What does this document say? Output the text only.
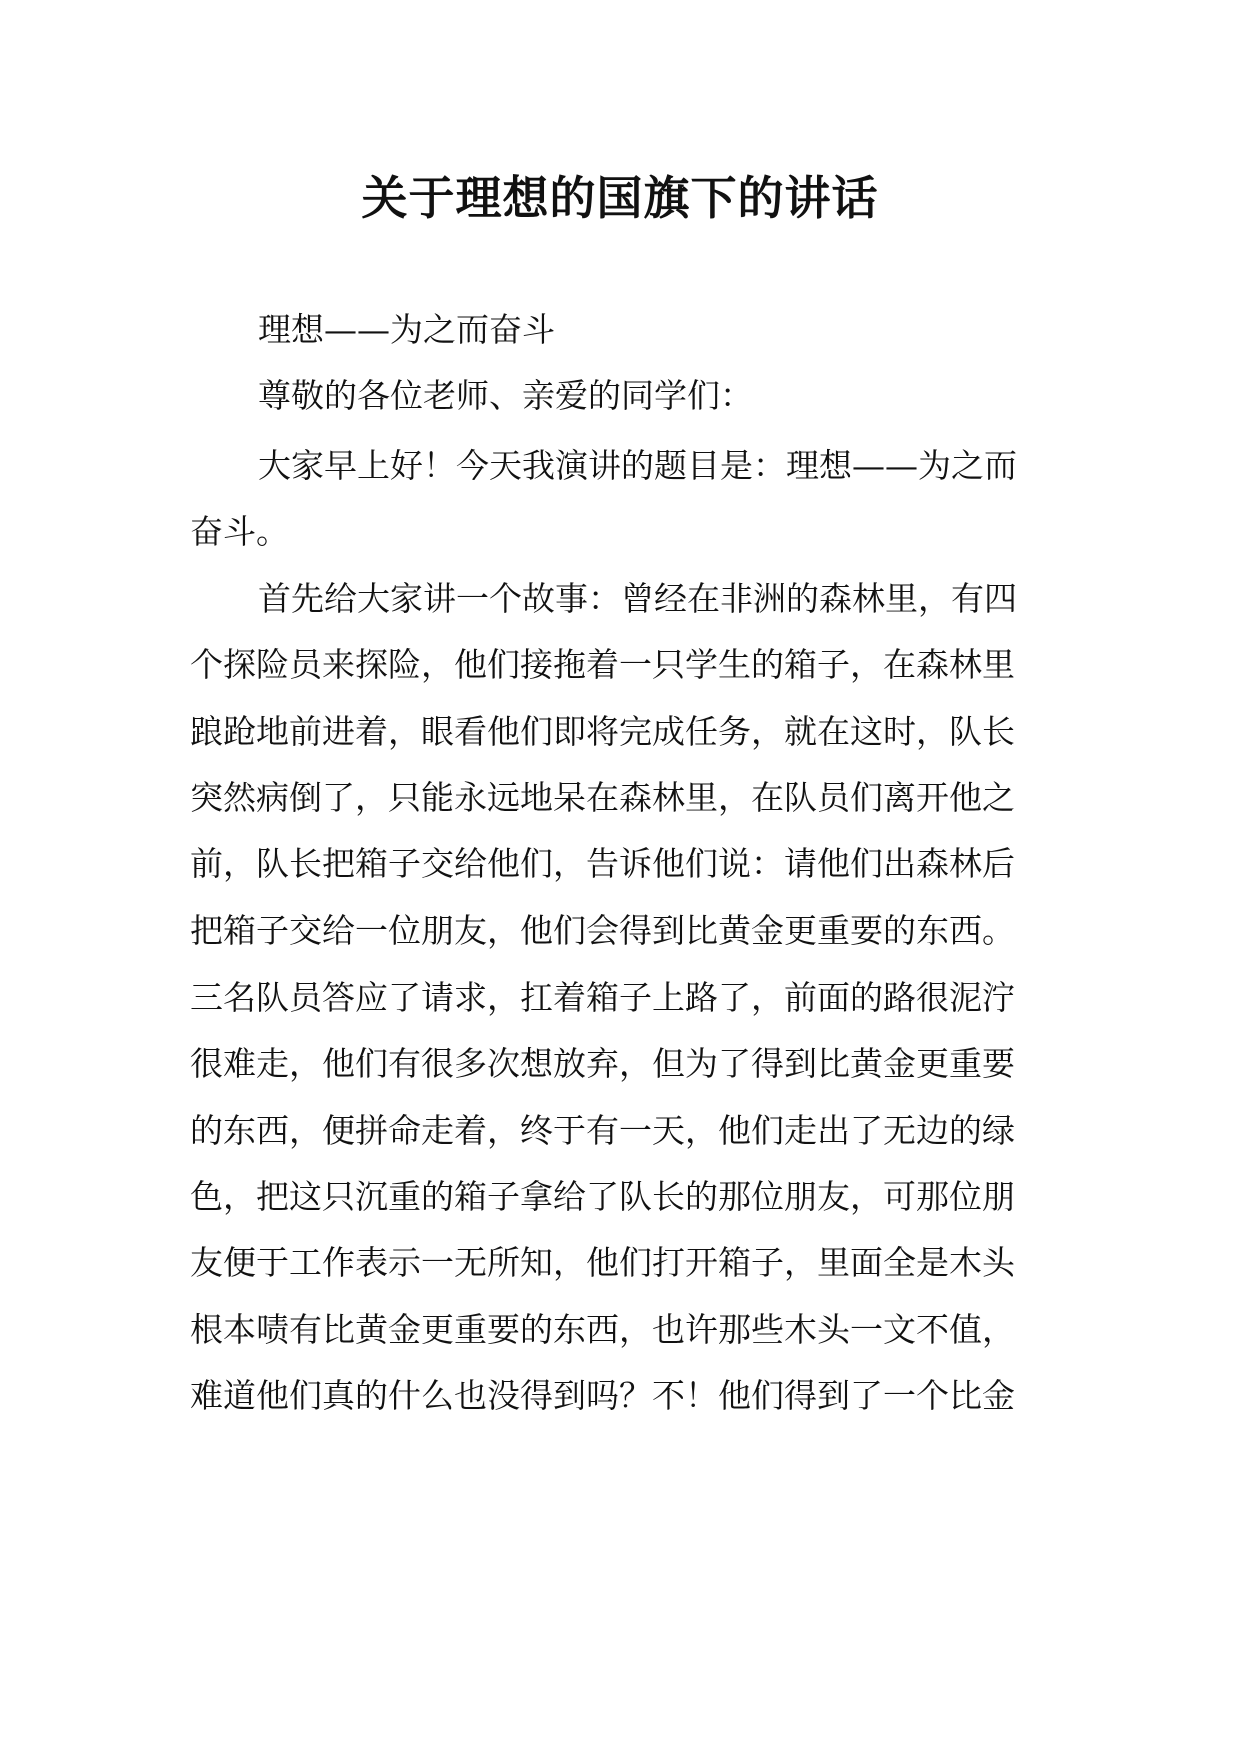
关于理想的国旗下的讲话
理想——为之而奋斗
尊敬的各位老师、亲爱的同学们：
大家早上好！今天我演讲的题目是：理想——为之而
奋斗。
首先给大家讲一个故事：曾经在非洲的森林里，有四
个探险员来探险，他们接拖着一只学生的箱子，在森林里
踉跄地前进着，眼看他们即将完成任务，就在这时，队长
突然病倒了，只能永远地呆在森林里，在队员们离开他之
前，队长把箱子交给他们，告诉他们说：请他们出森林后
把箱子交给一位朋友，他们会得到比黄金更重要的东西。
三名队员答应了请求，扛着箱子上路了，前面的路很泥泞
很难走，他们有很多次想放弃，但为了得到比黄金更重要
的东西，便拼命走着，终于有一天，他们走出了无边的绿
色，把这只沉重的箱子拿给了队长的那位朋友，可那位朋
友便于工作表示一无所知，他们打开箱子，里面全是木头
根本啧有比黄金更重要的东西，也许那些木头一文不值，
难道他们真的什么也没得到吗？不！他们得到了一个比金
